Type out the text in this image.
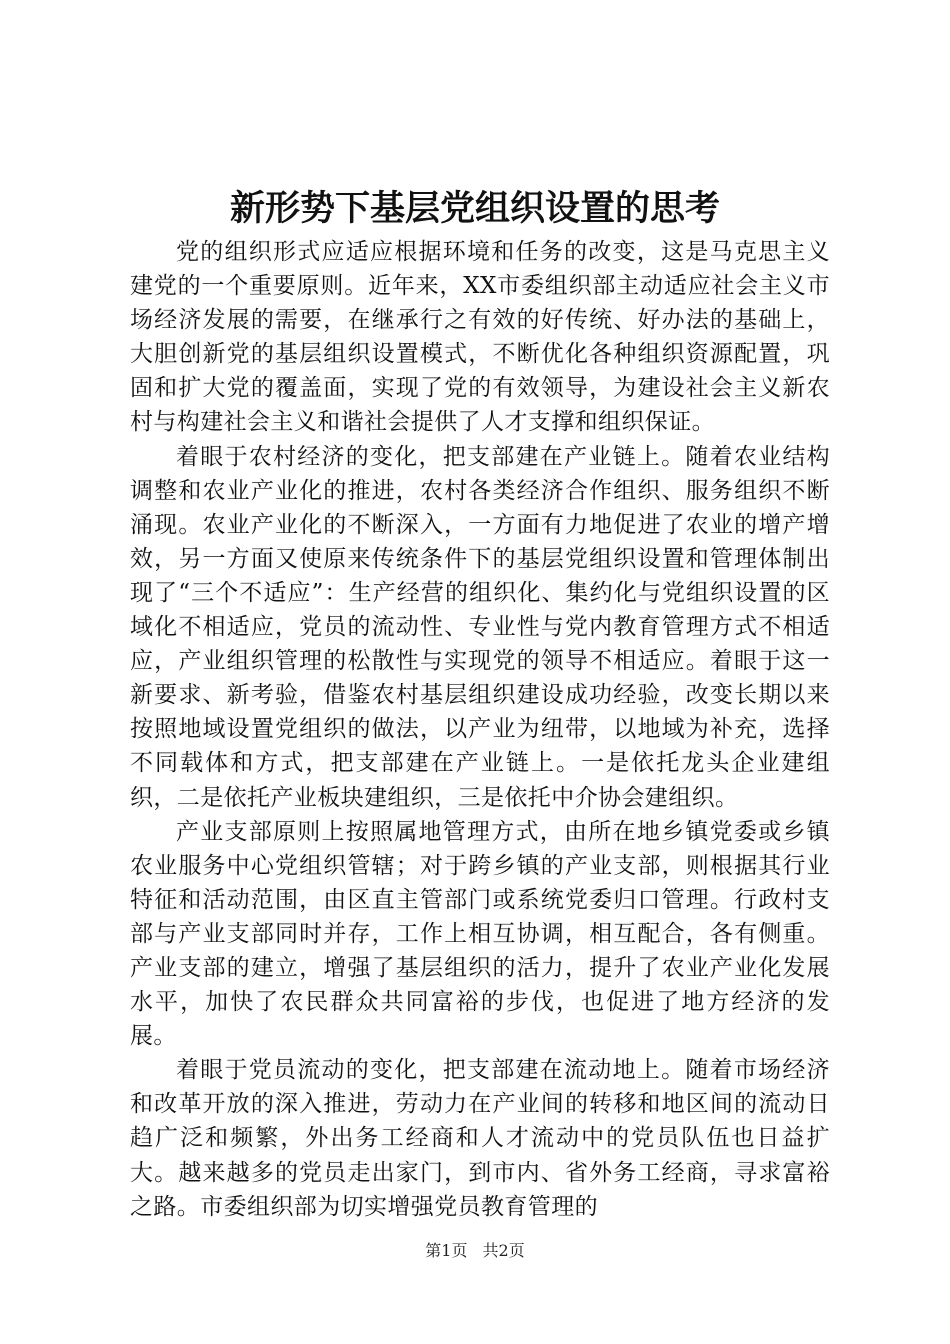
新形势下基层党组织设置的思考

党的组织形式应适应根据环境和任务的改变，这是马克思主义建党的一个重要原则。近年来，XX市委组织部主动适应社会主义市场经济发展的需要，在继承行之有效的好传统、好办法的基础上，大胆创新党的基层组织设置模式，不断优化各种组织资源配置，巩固和扩大党的覆盖面，实现了党的有效领导，为建设社会主义新农村与构建社会主义和谐社会提供了人才支撑和组织保证。

着眼于农村经济的变化，把支部建在产业链上。随着农业结构调整和农业产业化的推进，农村各类经济合作组织、服务组织不断涌现。农业产业化的不断深入，一方面有力地促进了农业的增产增效，另一方面又使原来传统条件下的基层党组织设置和管理体制出现了“三个不适应”：生产经营的组织化、集约化与党组织设置的区域化不相适应，党员的流动性、专业性与党内教育管理方式不相适应，产业组织管理的松散性与实现党的领导不相适应。着眼于这一新要求、新考验，借鉴农村基层组织建设成功经验，改变长期以来按照地域设置党组织的做法，以产业为纽带，以地域为补充，选择不同载体和方式，把支部建在产业链上。一是依托龙头企业建组织，二是依托产业板块建组织，三是依托中介协会建组织。

产业支部原则上按照属地管理方式，由所在地乡镇党委或乡镇农业服务中心党组织管辖；对于跨乡镇的产业支部，则根据其行业特征和活动范围，由区直主管部门或系统党委归口管理。行政村支部与产业支部同时并存，工作上相互协调，相互配合，各有侧重。产业支部的建立，增强了基层组织的活力，提升了农业产业化发展水平，加快了农民群众共同富裕的步伐，也促进了地方经济的发展。

着眼于党员流动的变化，把支部建在流动地上。随着市场经济和改革开放的深入推进，劳动力在产业间的转移和地区间的流动日趋广泛和频繁，外出务工经商和人才流动中的党员队伍也日益扩大。越来越多的党员走出家门，到市内、省外务工经商，寻求富裕之路。市委组织部为切实增强党员教育管理的

第1页 共2页
